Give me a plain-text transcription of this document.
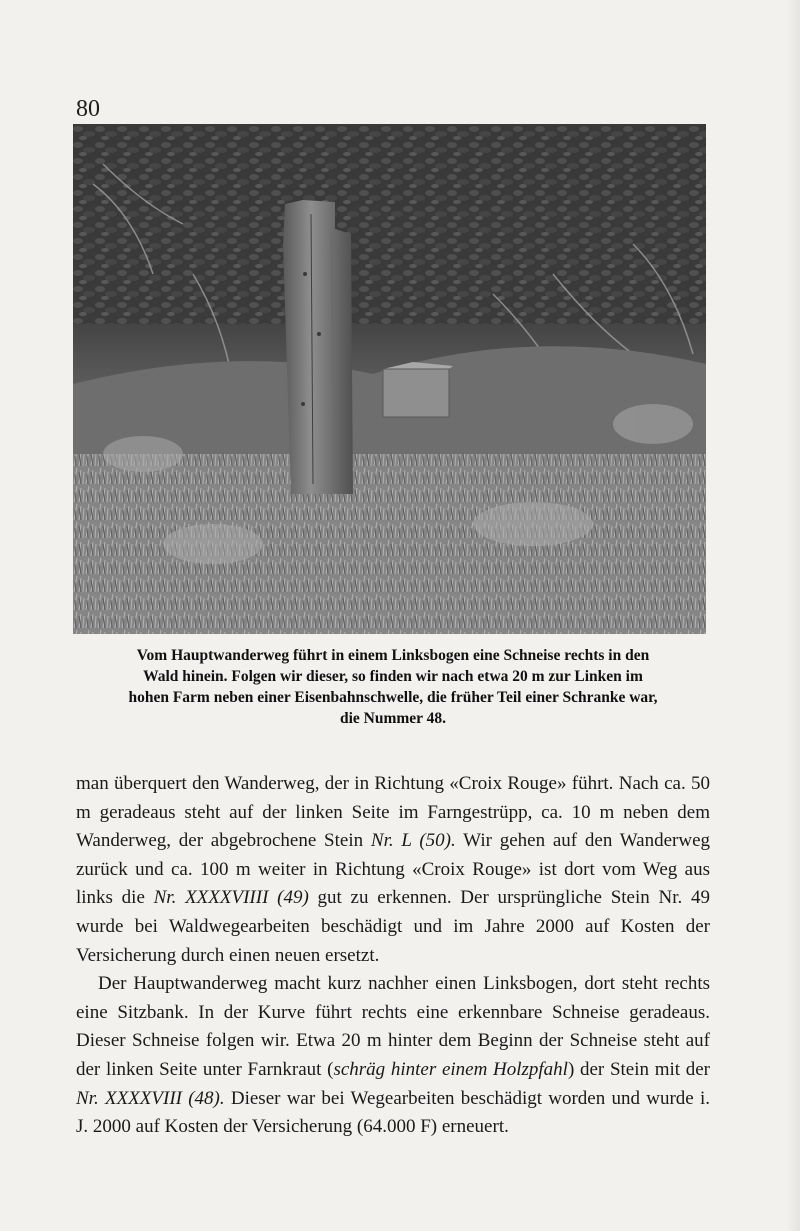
80

Vom Hauptwanderweg führt in einem Linksbogen eine Schneise rechts in den

Wald hinein. Folgen wir dieser, so finden wir nach etwa 20 m zur Linken im

hohen Farm neben einer Eisenbahnschwelle, die früher Teil einer Schranke war,

die Nummer 48.

man überquert den Wanderweg, der in Richtung «Croix Rouge» führt. Nach ca. 50 m geradeaus steht auf der linken Seite im Farngestrüpp, ca. 10 m neben dem Wanderweg, der abgebrochene Stein Nr. L (50). Wir gehen auf den Wanderweg zurück und ca. 100 m weiter in Richtung «Croix Rouge» ist dort vom Weg aus links die Nr. XXXXVIIII (49) gut zu erkennen. Der ursprüngliche Stein Nr. 49 wurde bei Waldwegearbeiten beschädigt und im Jahre 2000 auf Kosten der Versicherung durch einen neuen ersetzt.

Der Hauptwanderweg macht kurz nachher einen Linksbogen, dort steht rechts eine Sitzbank. In der Kurve führt rechts eine erkennbare Schneise geradeaus. Dieser Schneise folgen wir. Etwa 20 m hinter dem Beginn der Schneise steht auf der linken Seite unter Farnkraut (schräg hinter einem Holzpfahl) der Stein mit der Nr. XXXXVIII (48). Dieser war bei Wegearbeiten beschädigt worden und wurde i. J. 2000 auf Kosten der Versicherung (64.000 F) erneuert.
